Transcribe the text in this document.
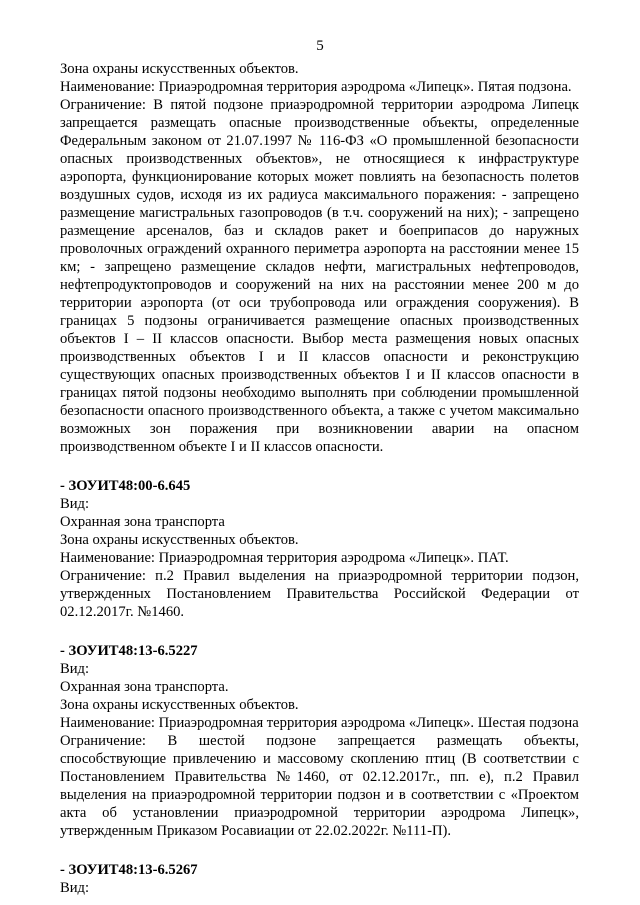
5

Зона охраны искусственных объектов.

Наименование: Приаэродромная территория аэродрома «Липецк». Пятая подзона.

Ограничение: В пятой подзоне приаэродромной территории аэродрома Липецк запрещается размещать опасные производственные объекты, определенные Федеральным законом от 21.07.1997 № 116-ФЗ «О промышленной безопасности опасных производственных объектов», не относящиеся к инфраструктуре аэропорта, функционирование которых может повлиять на безопасность полетов воздушных судов, исходя из их радиуса максимального поражения: - запрещено размещение магистральных газопроводов (в т.ч. сооружений на них); - запрещено размещение арсеналов, баз и складов ракет и боеприпасов до наружных проволочных ограждений охранного периметра аэропорта на расстоянии менее 15 км; - запрещено размещение складов нефти, магистральных нефтепроводов, нефтепродуктопроводов и сооружений на них на расстоянии менее 200 м до территории аэропорта (от оси трубопровода или ограждения сооружения). В границах 5 подзоны ограничивается размещение опасных производственных объектов I – II классов опасности. Выбор места размещения новых опасных производственных объектов I и II классов опасности и реконструкцию существующих опасных производственных объектов I и II классов опасности в границах пятой подзоны необходимо выполнять при соблюдении промышленной безопасности опасного производственного объекта, а также с учетом максимально возможных зон поражения при возникновении аварии на опасном производственном объекте I и II классов опасности.

- ЗОУИТ48:00-6.645

Вид:

Охранная зона транспорта

Зона охраны искусственных объектов.

Наименование: Приаэродромная территория аэродрома «Липецк». ПАТ.

Ограничение: п.2 Правил выделения на приаэродромной территории подзон, утвержденных Постановлением Правительства Российской Федерации от 02.12.2017г. №1460.

- ЗОУИТ48:13-6.5227

Вид:

Охранная зона транспорта.

Зона охраны искусственных объектов.

Наименование: Приаэродромная территория аэродрома «Липецк». Шестая подзона

Ограничение: В шестой подзоне запрещается размещать объекты, способствующие привлечению и массовому скоплению птиц (В соответствии с Постановлением Правительства №1460, от 02.12.2017г., пп. е), п.2 Правил выделения на приаэродромной территории подзон и в соответствии с «Проектом акта об установлении приаэродромной территории аэродрома Липецк», утвержденным Приказом Росавиации от 22.02.2022г. №111-П).

- ЗОУИТ48:13-6.5267

Вид:
